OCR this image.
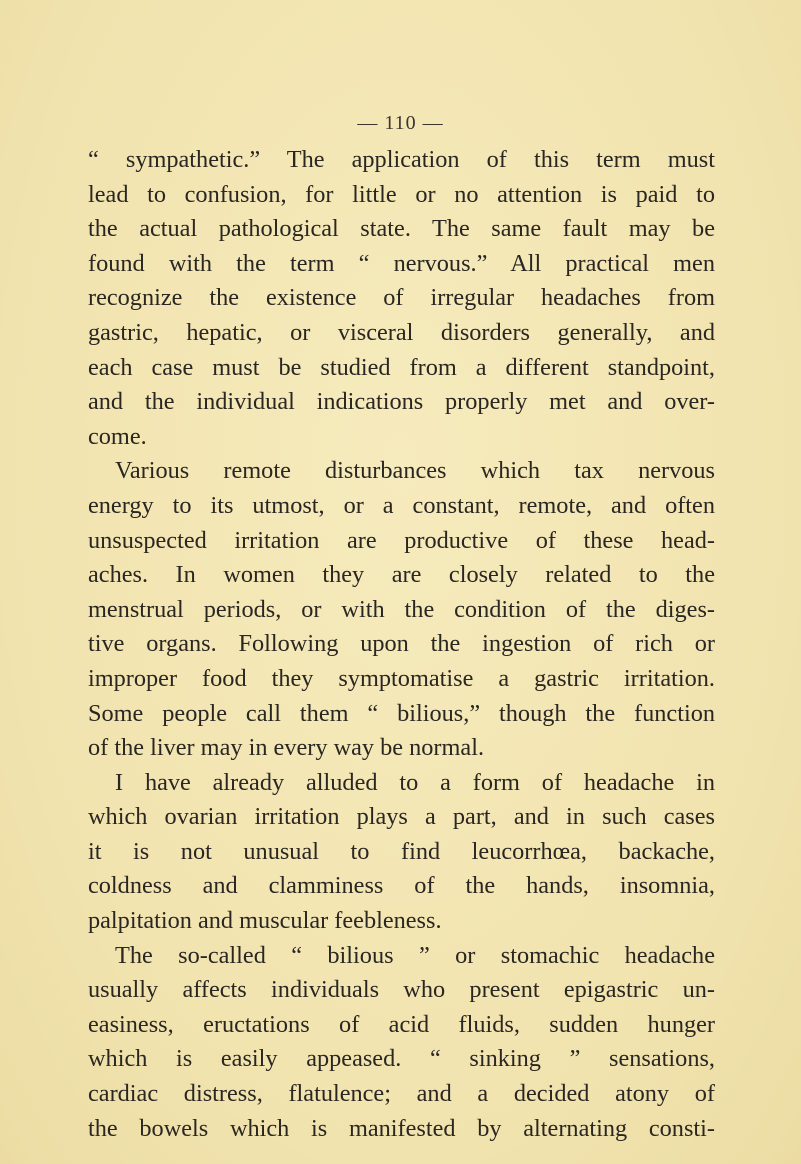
— 110 —
“ sympathetic.” The application of this term must
lead to confusion, for little or no attention is paid to
the actual pathological state. The same fault may be
found with the term “ nervous.” All practical men
recognize the existence of irregular headaches from
gastric, hepatic, or visceral disorders generally, and
each case must be studied from a different standpoint,
and the individual indications properly met and over-
come.
Various remote disturbances which tax nervous
energy to its utmost, or a constant, remote, and often
unsuspected irritation are productive of these head-
aches. In women they are closely related to the
menstrual periods, or with the condition of the diges-
tive organs. Following upon the ingestion of rich or
improper food they symptomatise a gastric irritation.
Some people call them “ bilious,” though the function
of the liver may in every way be normal.
I have already alluded to a form of headache in
which ovarian irritation plays a part, and in such cases
it is not unusual to find leucorrhœa, backache,
coldness and clamminess of the hands, insomnia,
palpitation and muscular feebleness.
The so-called “ bilious ” or stomachic headache
usually affects individuals who present epigastric un-
easiness, eructations of acid fluids, sudden hunger
which is easily appeased. “ sinking ” sensations,
cardiac distress, flatulence; and a decided atony of
the bowels which is manifested by alternating consti-
